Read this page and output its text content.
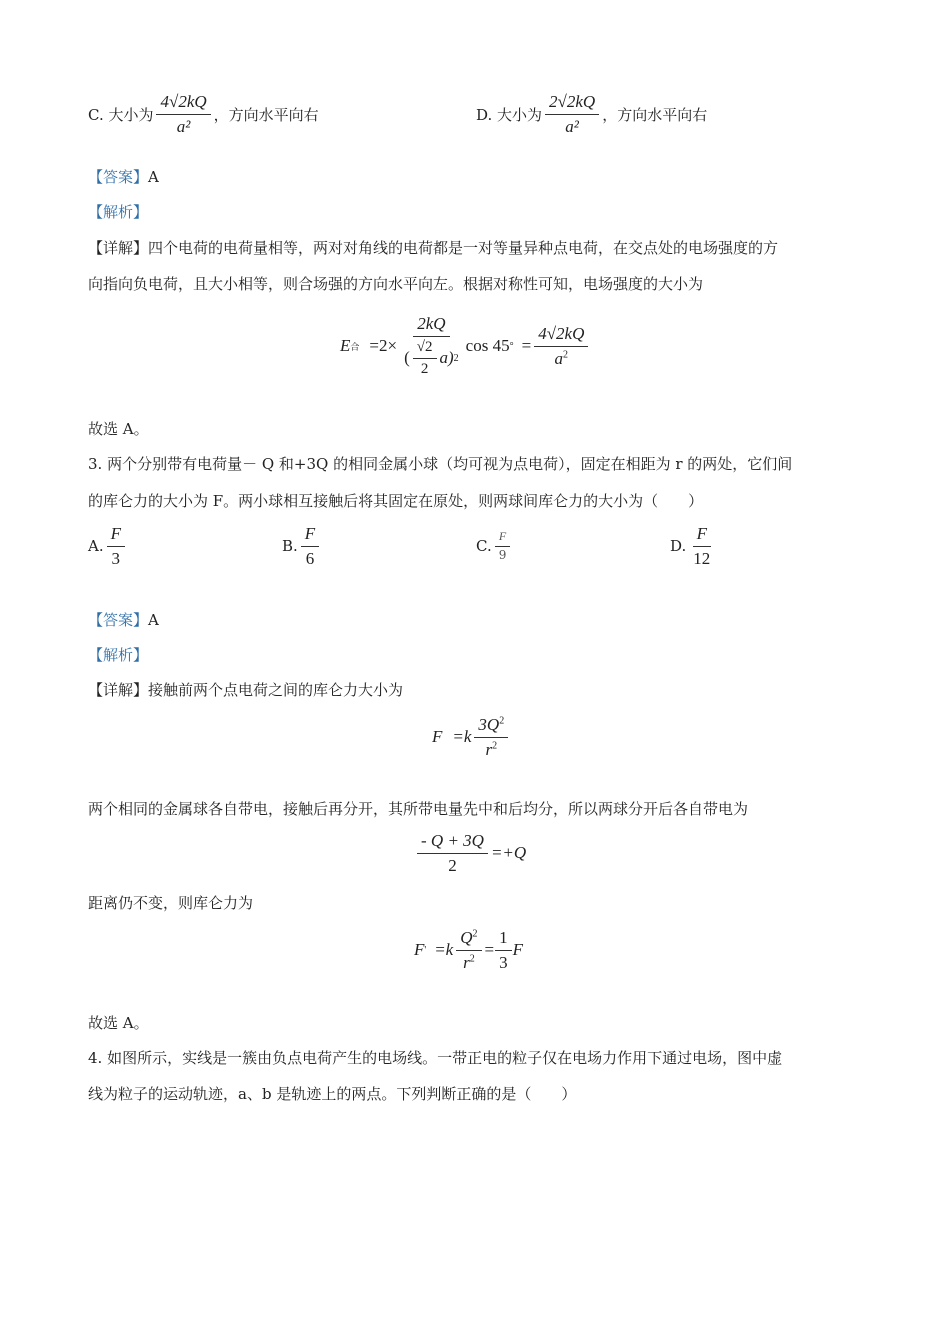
C. 大小为 $\frac{4√2kQ}{\text{a²}}$ ，方向水平向右	D. 大小为 $\frac{2√2kQ}{\text{a²}}$ ，方向水平向右
【答案】A
【解析】
【详解】四个电荷的电荷量相等，两对对角线的电荷都是一对等量异种点电荷，在交点处的电场强度的方
向指向负电荷，且大小相等，则合场强的方向水平向左。根据对称性可知，电场强度的大小为
E 合 $=2\times \frac{2kQ}{( \frac{√2}{2} a) 2}$ cos 45 ° = $\frac{4√2kQ}{a^2}$
故选 A。
3. 两个分别带有电荷量－ Q 和+3Q 的相同金属小球（均可视为点电荷），固定在相距为 r 的两处，它们间
的库仑力的大小为 F。两小球相互接触后将其固定在原处，则两球间库仑力的大小为（　　）
A. $\frac{F}{3}$	B. $\frac{F}{6}$	C. $\frac{F}{9}$	D. $\frac{F}{12}$
【答案】A
【解析】
【详解】接触前两个点电荷之间的库仑力大小为
$F =k \frac{3Q^2}{r^2}$
两个相同的金属球各自带电，接触后再分开，其所带电量先中和后均分，所以两球分开后各自带电为
$\frac{- Q + 3Q}{2} =+Q$
距离仍不变，则库仑力为
F ' $=k \frac{Q^2}{r^2} = \frac{1}{3}$ F
故选 A。
4. 如图所示，实线是一簇由负点电荷产生的电场线。一带正电的粒子仅在电场力作用下通过电场，图中虚
线为粒子的运动轨迹，a、b 是轨迹上的两点。下列判断正确的是（　　）
